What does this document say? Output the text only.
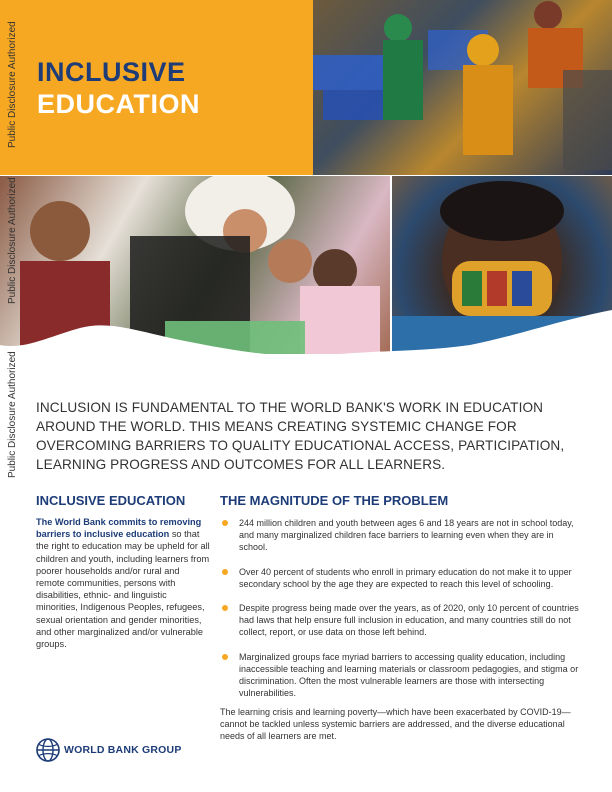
INCLUSIVE
EDUCATION
Public Disclosure Authorized
Public Disclosure Authorized
Public Disclosure Authorized INCLUSION IS FUNDAMENTAL TO THE WORLD BANK'S WORK IN EDUCATION AROUND THE WORLD. THIS MEANS CREATING SYSTEMIC CHANGE FOR OVERCOMING BARRIERS TO QUALITY EDUCATIONAL ACCESS, PARTICIPATION, LEARNING PROGRESS AND OUTCOMES FOR ALL LEARNERS.
INCLUSIVE EDUCATION	THE MAGNITUDE OF THE PROBLEM
The World Bank commits to removing barriers to inclusive education so that the right to education may be upheld for all children and youth, including learners from poorer households and/or rural and remote communities, persons with disabilities, ethnic- and linguistic minorities, Indigenous Peoples, refugees, sexual orientation and gender minorities, and other marginalized and/or vulnerable groups.
244 million children and youth between ages 6 and 18 years are not in school today, and many marginalized children face barriers to learning even when they are in school.
Over 40 percent of students who enroll in primary education do not make it to upper secondary school by the age they are expected to reach this level of schooling.
Despite progress being made over the years, as of 2020, only 10 percent of countries had laws that help ensure full inclusion in education, and many countries still do not collect, report, or use data on those left behind.
Marginalized groups face myriad barriers to accessing quality education, including inaccessible teaching and learning materials or classroom pedagogies, and stigma or discrimination. Often the most vulnerable learners are those with intersecting vulnerabilities.
The learning crisis and learning poverty—which have been exacerbated by COVID-19— cannot be tackled unless systemic barriers are addressed, and the diverse educational needs of all learners are met.
WORLD BANK GROUP
